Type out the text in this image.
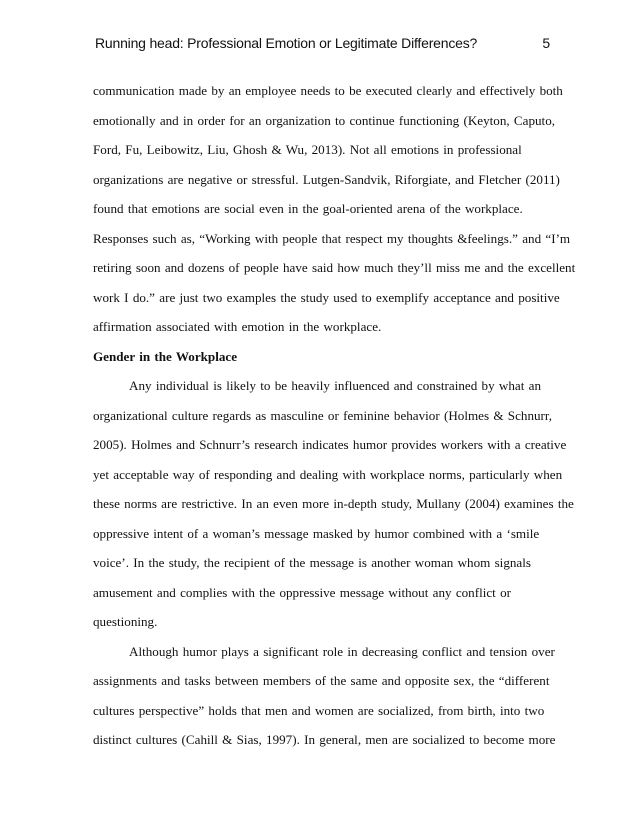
Running head: Professional Emotion or Legitimate Differences?	5
communication made by an employee needs to be executed clearly and effectively both
emotionally and in order for an organization to continue functioning (Keyton, Caputo,
Ford, Fu, Leibowitz, Liu, Ghosh & Wu, 2013). Not all emotions in professional
organizations are negative or stressful. Lutgen-Sandvik, Riforgiate, and Fletcher (2011)
found that emotions are social even in the goal-oriented arena of the workplace.
Responses such as, “Working with people that respect my thoughts &feelings.” and “I’m
retiring soon and dozens of people have said how much they’ll miss me and the excellent
work I do.” are just two examples the study used to exemplify acceptance and positive
affirmation associated with emotion in the workplace.
Gender in the Workplace
Any individual is likely to be heavily influenced and constrained by what an
organizational culture regards as masculine or feminine behavior (Holmes & Schnurr,
2005). Holmes and Schnurr’s research indicates humor provides workers with a creative
yet acceptable way of responding and dealing with workplace norms, particularly when
these norms are restrictive. In an even more in-depth study, Mullany (2004) examines the
oppressive intent of a woman’s message masked by humor combined with a ‘smile
voice’. In the study, the recipient of the message is another woman whom signals
amusement and complies with the oppressive message without any conflict or
questioning.
Although humor plays a significant role in decreasing conflict and tension over
assignments and tasks between members of the same and opposite sex, the “different
cultures perspective” holds that men and women are socialized, from birth, into two
distinct cultures (Cahill & Sias, 1997). In general, men are socialized to become more
